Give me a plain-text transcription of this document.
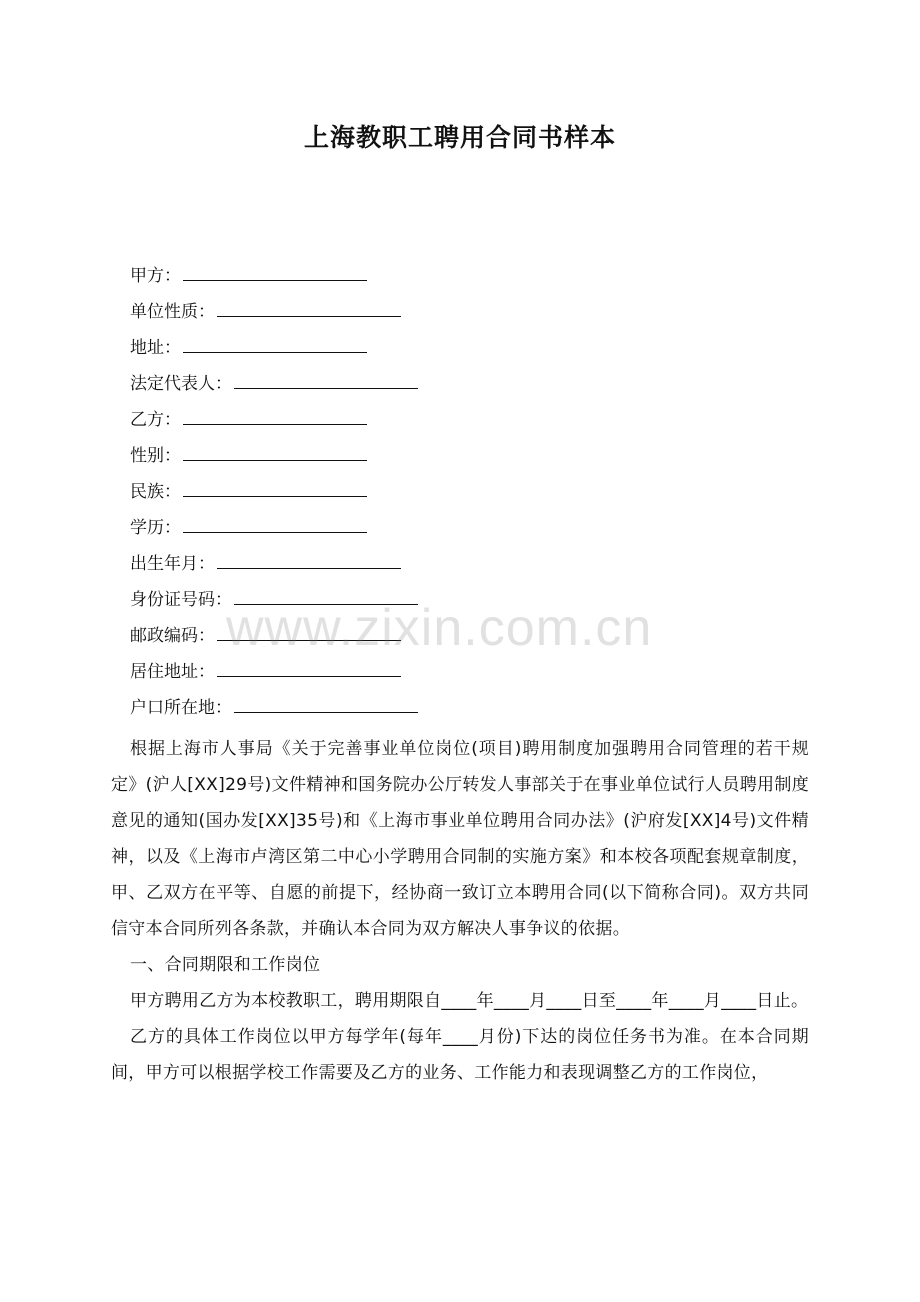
上海教职工聘用合同书样本
甲方：
单位性质：
地址：
法定代表人：
乙方：
性别：
民族：
学历：
出生年月：
身份证号码：
邮政编码：
居住地址：
户口所在地：

根据上海市人事局《关于完善事业单位岗位(项目)聘用制度加强聘用合同管理的若干规定》(沪人[XX]29号)文件精神和国务院办公厅转发人事部关于在事业单位试行人员聘用制度意见的通知(国办发[XX]35号)和《上海市事业单位聘用合同办法》(沪府发[XX]4号)文件精神，以及《上海市卢湾区第二中心小学聘用合同制的实施方案》和本校各项配套规章制度，甲、乙双方在平等、自愿的前提下，经协商一致订立本聘用合同(以下简称合同)。双方共同信守本合同所列各条款，并确认本合同为双方解决人事争议的依据。

一、合同期限和工作岗位

甲方聘用乙方为本校教职工，聘用期限自____年____月____日至____年____月____日止。

乙方的具体工作岗位以甲方每学年(每年____月份)下达的岗位任务书为准。在本合同期间，甲方可以根据学校工作需要及乙方的业务、工作能力和表现调整乙方的工作岗位，

www.zixin.com.cn
